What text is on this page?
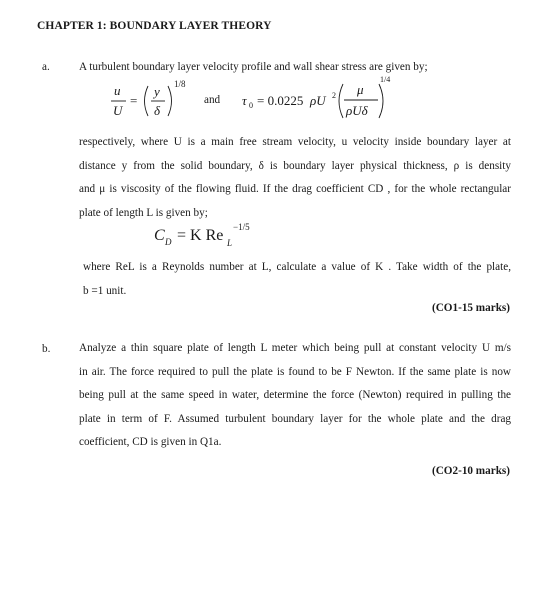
CHAPTER 1: BOUNDARY LAYER THEORY
a.	A turbulent boundary layer velocity profile and wall shear stress are given by;
u
U
=
y
δ
1/8
and τ 0 = 0.0225 ρU 2 μ
ρUδ
1/4
respectively, where U is a main free stream velocity, u velocity inside boundary layer at
distance y from the solid boundary, δ is boundary layer physical thickness, ρ is density
and μ is viscosity of the flowing fluid. If the drag coefficient CD , for the whole rectangular
plate of length L is given by;
C D = K Re L
−1/5
where ReL is a Reynolds number at L, calculate a value of K . Take width of the plate,
b =1 unit.
(CO1-15 marks)
b.	Analyze a thin square plate of length L meter which being pull at constant velocity U m/s
in air. The force required to pull the plate is found to be F Newton. If the same plate is now
being pull at the same speed in water, determine the force (Newton) required in pulling the
plate in term of F. Assumed turbulent boundary layer for the whole plate and the drag
coefficient, CD is given in Q1a.
(CO2-10 marks)
